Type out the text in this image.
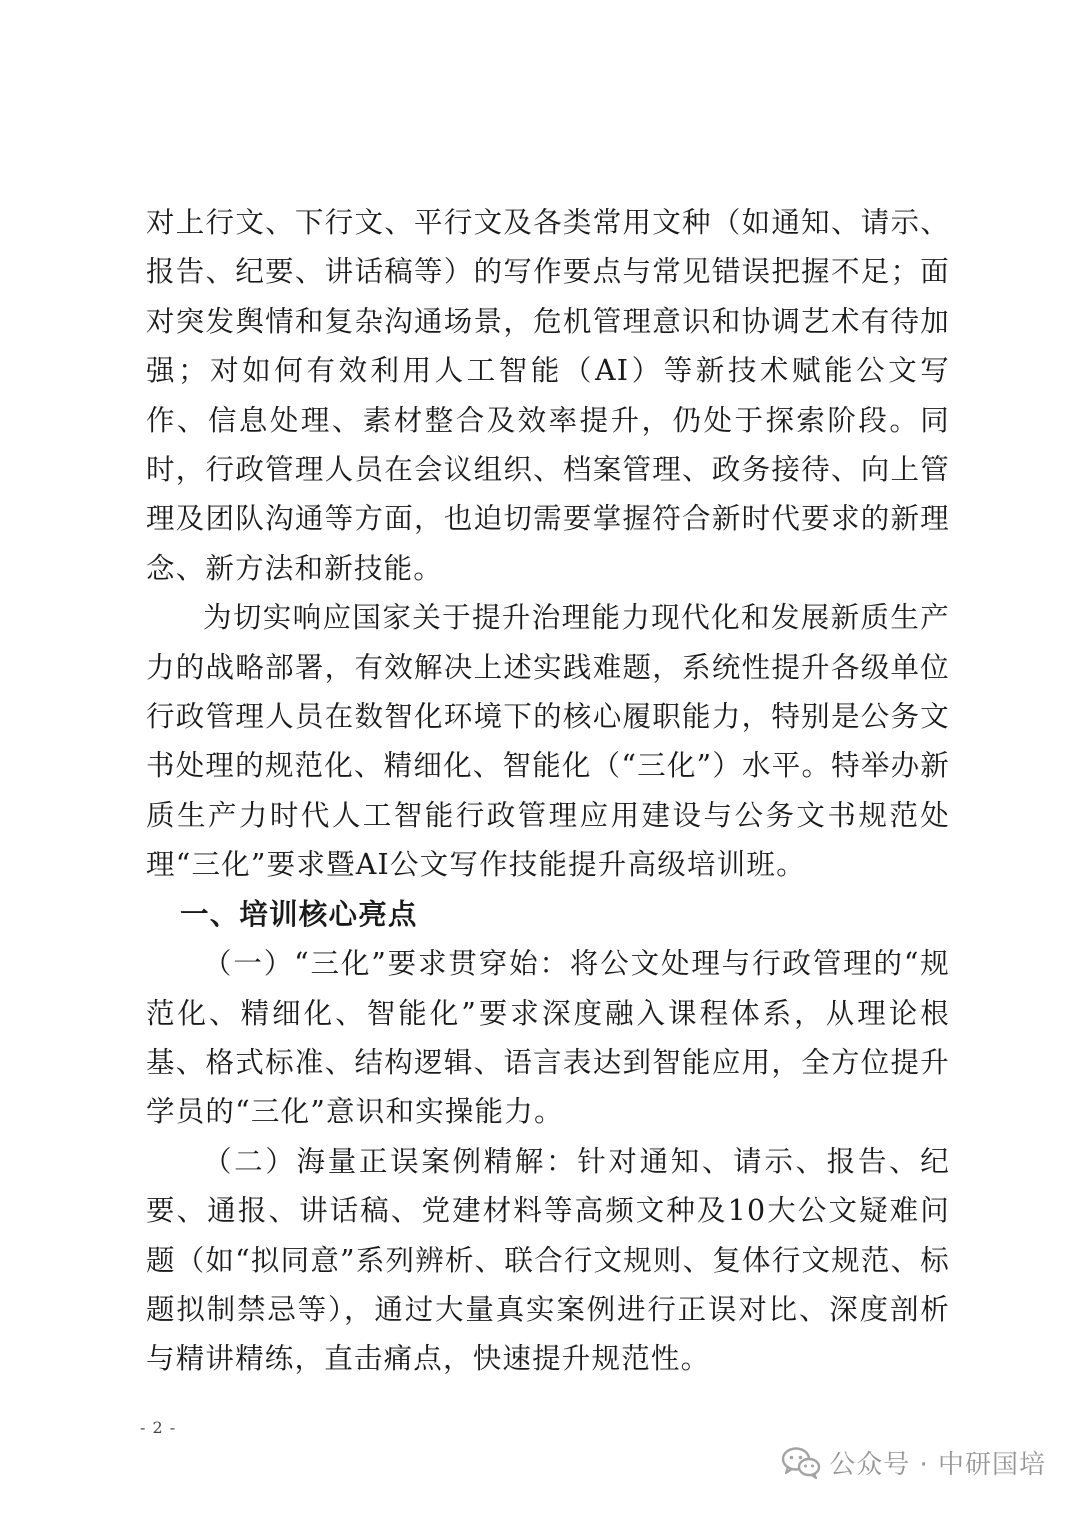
对上行文、下行文、平行文及各类常用文种（如通知、请示、报告、纪要、讲话稿等）的写作要点与常见错误把握不足；面对突发舆情和复杂沟通场景，危机管理意识和协调艺术有待加强；对如何有效利用人工智能（AI）等新技术赋能公文写作、信息处理、素材整合及效率提升，仍处于探索阶段。同时，行政管理人员在会议组织、档案管理、政务接待、向上管理及团队沟通等方面，也迫切需要掌握符合新时代要求的新理念、新方法和新技能。

为切实响应国家关于提升治理能力现代化和发展新质生产力的战略部署，有效解决上述实践难题，系统性提升各级单位行政管理人员在数智化环境下的核心履职能力，特别是公务文书处理的规范化、精细化、智能化（“三化”）水平。特举办新质生产力时代人工智能行政管理应用建设与公务文书规范处理“三化”要求暨AI公文写作技能提升高级培训班。

一、培训核心亮点

（一）“三化”要求贯穿始：将公文处理与行政管理的“规范化、精细化、智能化”要求深度融入课程体系，从理论根基、格式标准、结构逻辑、语言表达到智能应用，全方位提升学员的“三化”意识和实操能力。

（二）海量正误案例精解：针对通知、请示、报告、纪要、通报、讲话稿、党建材料等高频文种及10大公文疑难问题（如“拟同意”系列辨析、联合行文规则、复体行文规范、标题拟制禁忌等），通过大量真实案例进行正误对比、深度剖析与精讲精练，直击痛点，快速提升规范性。

- 2 -
公众号 · 中研国培
